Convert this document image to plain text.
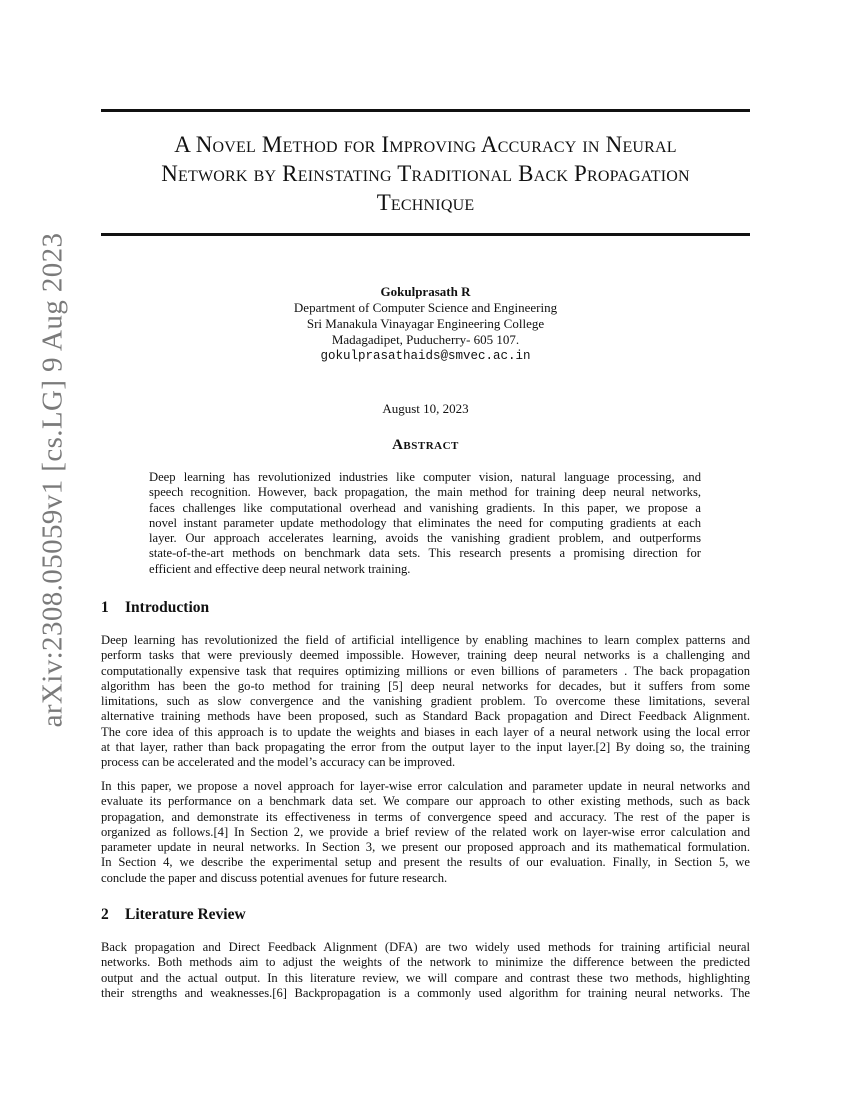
arXiv:2308.05059v1 [cs.LG] 9 Aug 2023
A Novel Method for Improving Accuracy in Neural
Network by Reinstating Traditional Back Propagation
Technique
Gokulprasath R
Department of Computer Science and Engineering
Sri Manakula Vinayagar Engineering College
Madagadipet, Puducherry- 605 107.
gokulprasathaids@smvec.ac.in
August 10, 2023
Abstract
Deep learning has revolutionized industries like computer vision, natural language processing, and
speech recognition. However, back propagation, the main method for training deep neural networks,
faces challenges like computational overhead and vanishing gradients. In this paper, we propose a
novel instant parameter update methodology that eliminates the need for computing gradients at each
layer. Our approach accelerates learning, avoids the vanishing gradient problem, and outperforms
state-of-the-art methods on benchmark data sets. This research presents a promising direction for
efficient and effective deep neural network training.
1 Introduction
Deep learning has revolutionized the field of artificial intelligence by enabling machines to learn complex patterns and
perform tasks that were previously deemed impossible. However, training deep neural networks is a challenging and
computationally expensive task that requires optimizing millions or even billions of parameters . The back propagation
algorithm has been the go-to method for training [5] deep neural networks for decades, but it suffers from some
limitations, such as slow convergence and the vanishing gradient problem. To overcome these limitations, several
alternative training methods have been proposed, such as Standard Back propagation and Direct Feedback Alignment.
The core idea of this approach is to update the weights and biases in each layer of a neural network using the local error
at that layer, rather than back propagating the error from the output layer to the input layer.[2] By doing so, the training
process can be accelerated and the model’s accuracy can be improved.
In this paper, we propose a novel approach for layer-wise error calculation and parameter update in neural networks and
evaluate its performance on a benchmark data set. We compare our approach to other existing methods, such as back
propagation, and demonstrate its effectiveness in terms of convergence speed and accuracy. The rest of the paper is
organized as follows.[4] In Section 2, we provide a brief review of the related work on layer-wise error calculation and
parameter update in neural networks. In Section 3, we present our proposed approach and its mathematical formulation.
In Section 4, we describe the experimental setup and present the results of our evaluation. Finally, in Section 5, we
conclude the paper and discuss potential avenues for future research.
2 Literature Review
Back propagation and Direct Feedback Alignment (DFA) are two widely used methods for training artificial neural
networks. Both methods aim to adjust the weights of the network to minimize the difference between the predicted
output and the actual output. In this literature review, we will compare and contrast these two methods, highlighting
their strengths and weaknesses.[6] Backpropagation is a commonly used algorithm for training neural networks. The
